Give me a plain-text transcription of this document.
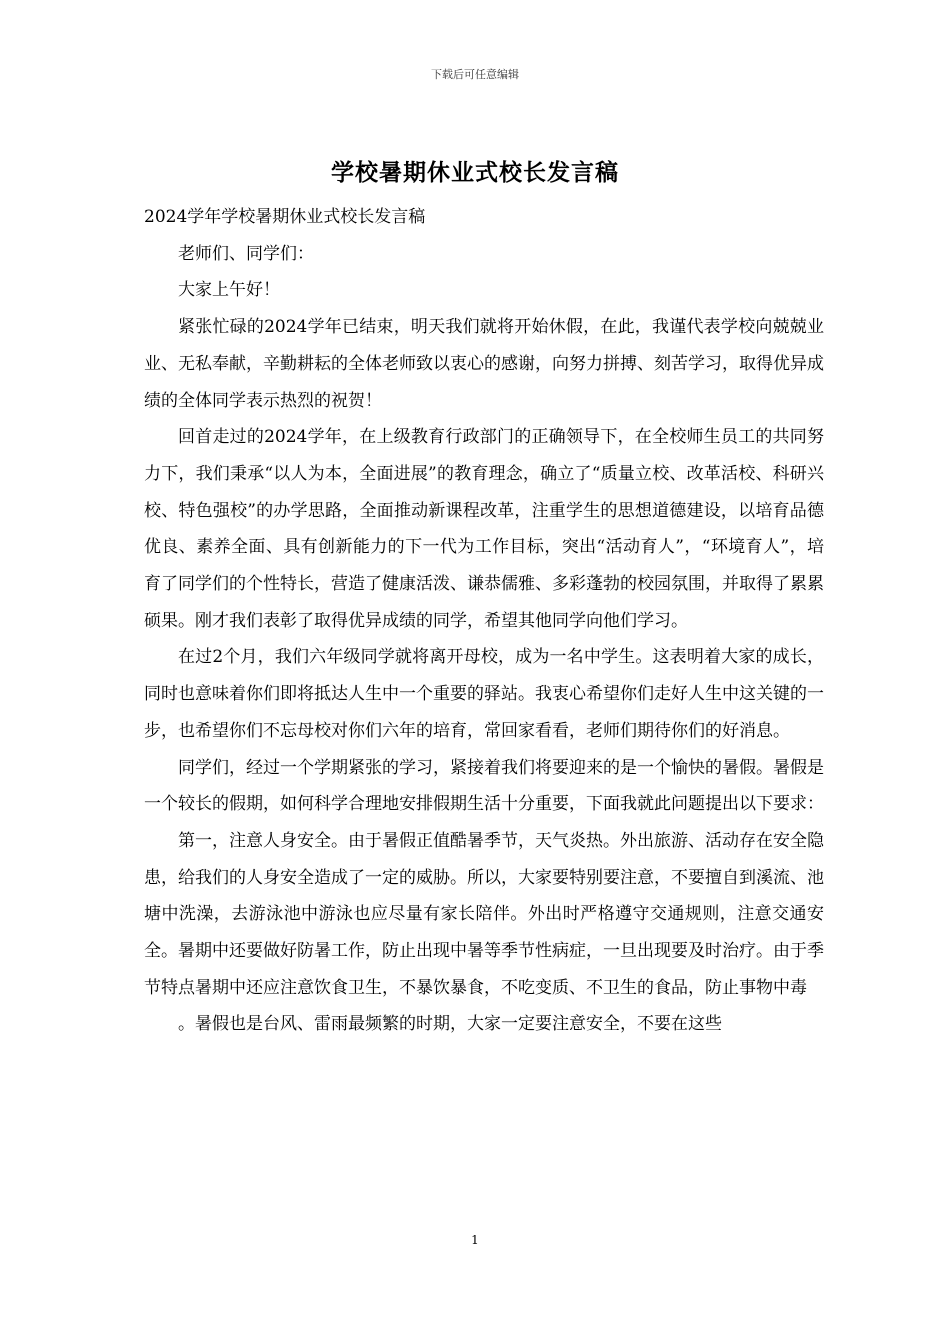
下载后可任意编辑
学校暑期休业式校长发言稿

2024学年学校暑期休业式校长发言稿

老师们、同学们：

大家上午好！

紧张忙碌的2024学年已结束，明天我们就将开始休假，在此，我谨代表学校向兢兢业业、无私奉献，辛勤耕耘的全体老师致以衷心的感谢，向努力拼搏、刻苦学习，取得优异成绩的全体同学表示热烈的祝贺！

回首走过的2024学年，在上级教育行政部门的正确领导下，在全校师生员工的共同努力下，我们秉承“以人为本，全面进展”的教育理念，确立了“质量立校、改革活校、科研兴校、特色强校”的办学思路，全面推动新课程改革，注重学生的思想道德建设，以培育品德优良、素养全面、具有创新能力的下一代为工作目标，突出“活动育人”，“环境育人”，培育了同学们的个性特长，营造了健康活泼、谦恭儒雅、多彩蓬勃的校园氛围，并取得了累累硕果。刚才我们表彰了取得优异成绩的同学，希望其他同学向他们学习。

在过2个月，我们六年级同学就将离开母校，成为一名中学生。这表明着大家的成长，同时也意味着你们即将抵达人生中一个重要的驿站。我衷心希望你们走好人生中这关键的一步，也希望你们不忘母校对你们六年的培育，常回家看看，老师们期待你们的好消息。

同学们，经过一个学期紧张的学习，紧接着我们将要迎来的是一个愉快的暑假。暑假是一个较长的假期，如何科学合理地安排假期生活十分重要，下面我就此问题提出以下要求：

第一，注意人身安全。由于暑假正值酷暑季节，天气炎热。外出旅游、活动存在安全隐患，给我们的人身安全造成了一定的威胁。所以，大家要特别要注意，不要擅自到溪流、池塘中洗澡，去游泳池中游泳也应尽量有家长陪伴。外出时严格遵守交通规则，注意交通安全。暑期中还要做好防暑工作，防止出现中暑等季节性病症，一旦出现要及时治疗。由于季节特点暑期中还应注意饮食卫生，不暴饮暴食，不吃变质、不卫生的食品，防止事物中毒

。暑假也是台风、雷雨最频繁的时期，大家一定要注意安全，不要在这些

1
